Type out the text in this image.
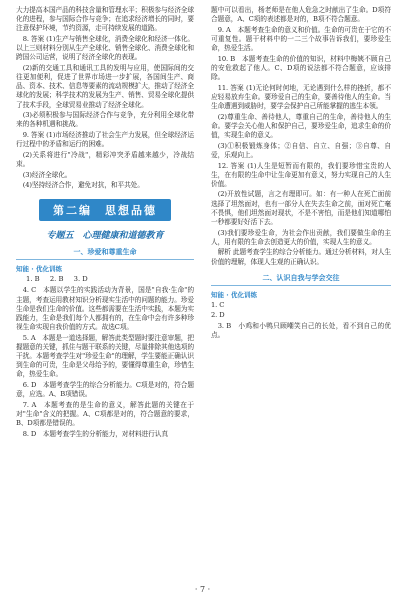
大力提高本国产品的科技含量和管理水平；积极参与经济全球化的进程，参与国际合作与竞争；在追求经济增长的同时，要注意保护环境，节约资源，走可持续发展的道路。

8. 答案 (1)生产与销售全球化，消费全球化和经济一体化。以上三则材料分别从生产全球化、销售全球化、消费全球化和跨国公司运营，说明了经济全球化的表现。

(2)新的交通工具和通讯工具的发明与应用，使国际间的交往更加便利，促进了世界市场进一步扩展，各国间生产、商品、资本、技术、信息等要素的流动规模扩大，推动了经济全球化的发展；科学技术的发展为生产、销售、贸易全球化提供了技术手段，全球贸易业推动了经济全球化。

(3)必须积极参与国际经济合作与竞争，充分利用全球化带来的各种机遇和挑战。

9. 答案 (1)市场经济推动了社会生产力发展，但全球经济运行过程中的矛盾和运行的困难。

(2)关系将进行"冷战"，精彩冲突矛盾越来越少，冷战结束。

(3)经济全球化。

(4)坚持经济合作，避免对抗，和平共处。

第二编　思想品德
专题五　心理健康和道德教育
一、珍爱和尊重生命
知能 · 优化训练
1. B 2. B 3. D

4. C　本题以学生的实践活动为背景，国是"自我·生命"的主题，考查运用教材知识分析现实生活中的问题的能力。珍爱生命是我们生命的价值。这些都需要在生活中实践，本题为实践能力，生命是我们每个人都拥有的，在生命中会有许多种珍视生命实现自我价值的方式。故选C项。

5. A　本题是一道选择题，解答此类型题时要注意审题，把握题意的关键，抓住与题干联系的关键，尽量排除其他选项的干扰。本题考查学生对"珍爱生命"的理解，学生要能正确认识到生命的可贵，生命是父母给予的，要懂得尊重生命，珍惜生命，热爱生命。

6. D　本题考查学生的综合分析能力。C项是对的，符合题意，应选。A、B项错误。

7. A　本题考查的是生命的意义，解答此题的关键在于对"生命"含义的把握。A、C项都是对的，符合题意的要求，B、D项都是错误的。

8. D　本题考查学生的分析能力，对材料进行认真

题中可以看出，杨老师是在他人危急之时献出了生命。D项符合题意，A、C项的表述都是对的，B项不符合题意。

9. A　本题考查生命的意义和价值。生命的可贵在于它的不可重复性。题干材料中的一二三个故事告诉我们，要珍爱生命，热爱生活。

10. B　本题考查生命的价值的知识，材料中梅姨不顾自己的安危救起了他人。C、D项的说法都不符合题意，应该排除。

11. 答案 (1)无论何时何地，无论遇到什么样的挫折，都不应轻易放弃生命。要珍爱自己的生命，要善待他人的生命。当生命遭遇到威胁时，要学会保护自己所能掌握的逃生本领。

(2)尊重生命、善待他人，尊重自己的生命，善待他人的生命。要学会关心他人和保护自己，要珍爱生命，追求生命的价值，实现生命的意义。

(3)①积极锻炼身体；②自信、自立、自强；③自尊、自爱，乐观向上。

12. 答案 (1)人生是短暂而有限的，我们要珍惜宝贵的人生，在有限的生命中让生命更加有意义，努力实现自己的人生价值。

(2)开放性试题，言之有理即可。如：有一种人在死亡面前选择了坦然面对，也有一部分人在失去生命之前，面对死亡毫不畏惧，他们坦然面对现状，不是不害怕，而是他们知道哪怕一秒都要好好活下去。

(3)我们要珍爱生命，为社会作出贡献，我们要做生命的主人，用有限的生命去创造更大的价值，实现人生的意义。

解析 此题考查学生的综合分析能力。通过分析材料，对人生价值的理解，体现人生观的正确认识。

二、认识自我与学会交往
知能 · 优化训练

1. C

2. D

3. B　小鸡和小鸭只顾嘲笑自己的长处，看不到自己的优点。

· 7 ·
